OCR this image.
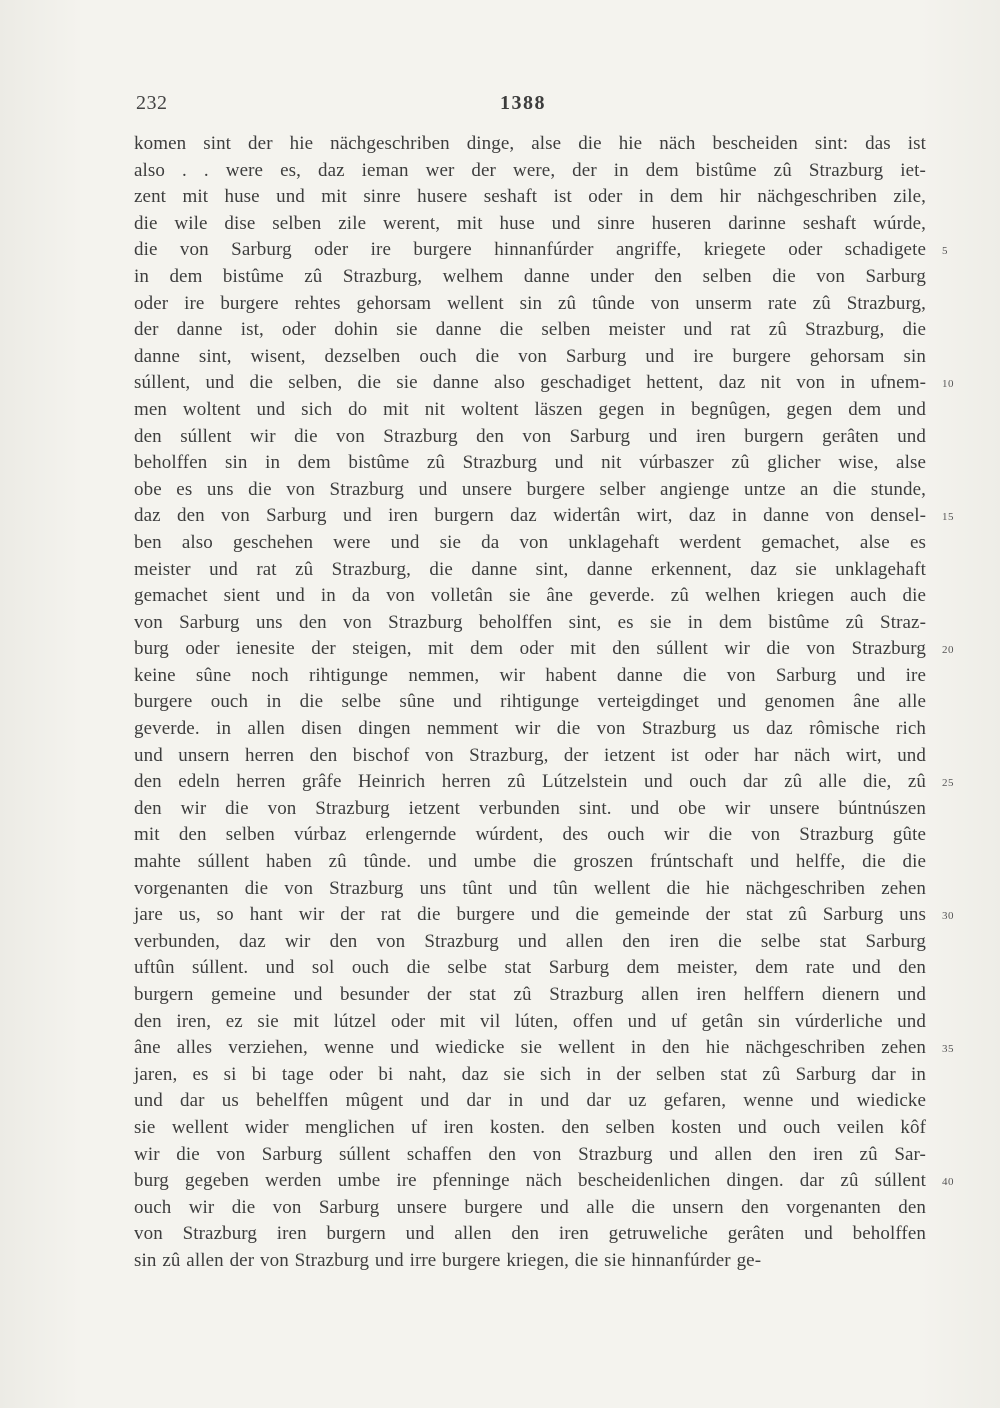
232	1388
komen sint der hie nächgeschriben dinge, alse die hie näch bescheiden sint: das ist
also . . were es, daz ieman wer der were, der in dem bistûme zû Strazburg iet-
zent mit huse und mit sinre husere seshaft ist oder in dem hir nächgeschriben zile,
die wile dise selben zile werent, mit huse und sinre huseren darinne seshaft wúrde,
die von Sarburg oder ire burgere hinnanfúrder angriffe, kriegete oder schadigete 5
in dem bistûme zû Strazburg, welhem danne under den selben die von Sarburg
oder ire burgere rehtes gehorsam wellent sin zû tûnde von unserm rate zû Strazburg,
der danne ist, oder dohin sie danne die selben meister und rat zû Strazburg, die
danne sint, wisent, dezselben ouch die von Sarburg und ire burgere gehorsam sin
súllent, und die selben, die sie danne also geschadiget hettent, daz nit von in ufnem- 10
men woltent und sich do mit nit woltent läszen gegen in begnûgen, gegen dem und
den súllent wir die von Strazburg den von Sarburg und iren burgern gerâten und
beholffen sin in dem bistûme zû Strazburg und nit vúrbaszer zû glicher wise, alse
obe es uns die von Strazburg und unsere burgere selber angienge untze an die stunde,
daz den von Sarburg und iren burgern daz widertân wirt, daz in danne von densel- 15
ben also geschehen were und sie da von unklagehaft werdent gemachet, alse es
meister und rat zû Strazburg, die danne sint, danne erkennent, daz sie unklagehaft
gemachet sient und in da von volletân sie âne geverde. zû welhen kriegen auch die
von Sarburg uns den von Strazburg beholffen sint, es sie in dem bistûme zû Straz-
burg oder ienesite der steigen, mit dem oder mit den súllent wir die von Strazburg 20
keine sûne noch rihtigunge nemmen, wir habent danne die von Sarburg und ire
burgere ouch in die selbe sûne und rihtigunge verteigdinget und genomen âne alle
geverde. in allen disen dingen nemment wir die von Strazburg us daz rômische rich
und unsern herren den bischof von Strazburg, der ietzent ist oder har näch wirt, und
den edeln herren grâfe Heinrich herren zû Lútzelstein und ouch dar zû alle die, zû 25
den wir die von Strazburg ietzent verbunden sint. und obe wir unsere búntnúszen
mit den selben vúrbaz erlengernde wúrdent, des ouch wir die von Strazburg gûte
mahte súllent haben zû tûnde. und umbe die groszen frúntschaft und helffe, die die
vorgenanten die von Strazburg uns tûnt und tûn wellent die hie nächgeschriben zehen
jare us, so hant wir der rat die burgere und die gemeinde der stat zû Sarburg uns 30
verbunden, daz wir den von Strazburg und allen den iren die selbe stat Sarburg
uftûn súllent. und sol ouch die selbe stat Sarburg dem meister, dem rate und den
burgern gemeine und besunder der stat zû Strazburg allen iren helffern dienern und
den iren, ez sie mit lútzel oder mit vil lúten, offen und uf getân sin vúrderliche und
âne alles verziehen, wenne und wiedicke sie wellent in den hie nächgeschriben zehen 35
jaren, es si bi tage oder bi naht, daz sie sich in der selben stat zû Sarburg dar in
und dar us behelffen mûgent und dar in und dar uz gefaren, wenne und wiedicke
sie wellent wider menglichen uf iren kosten. den selben kosten und ouch veilen kôf
wir die von Sarburg súllent schaffen den von Strazburg und allen den iren zû Sar-
burg gegeben werden umbe ire pfenninge näch bescheidenlichen dingen. dar zû súllent 40
ouch wir die von Sarburg unsere burgere und alle die unsern den vorgenanten den
von Strazburg iren burgern und allen den iren getruweliche gerâten und beholffen
sin zû allen der von Strazburg und irre burgere kriegen, die sie hinnanfúrder ge-
